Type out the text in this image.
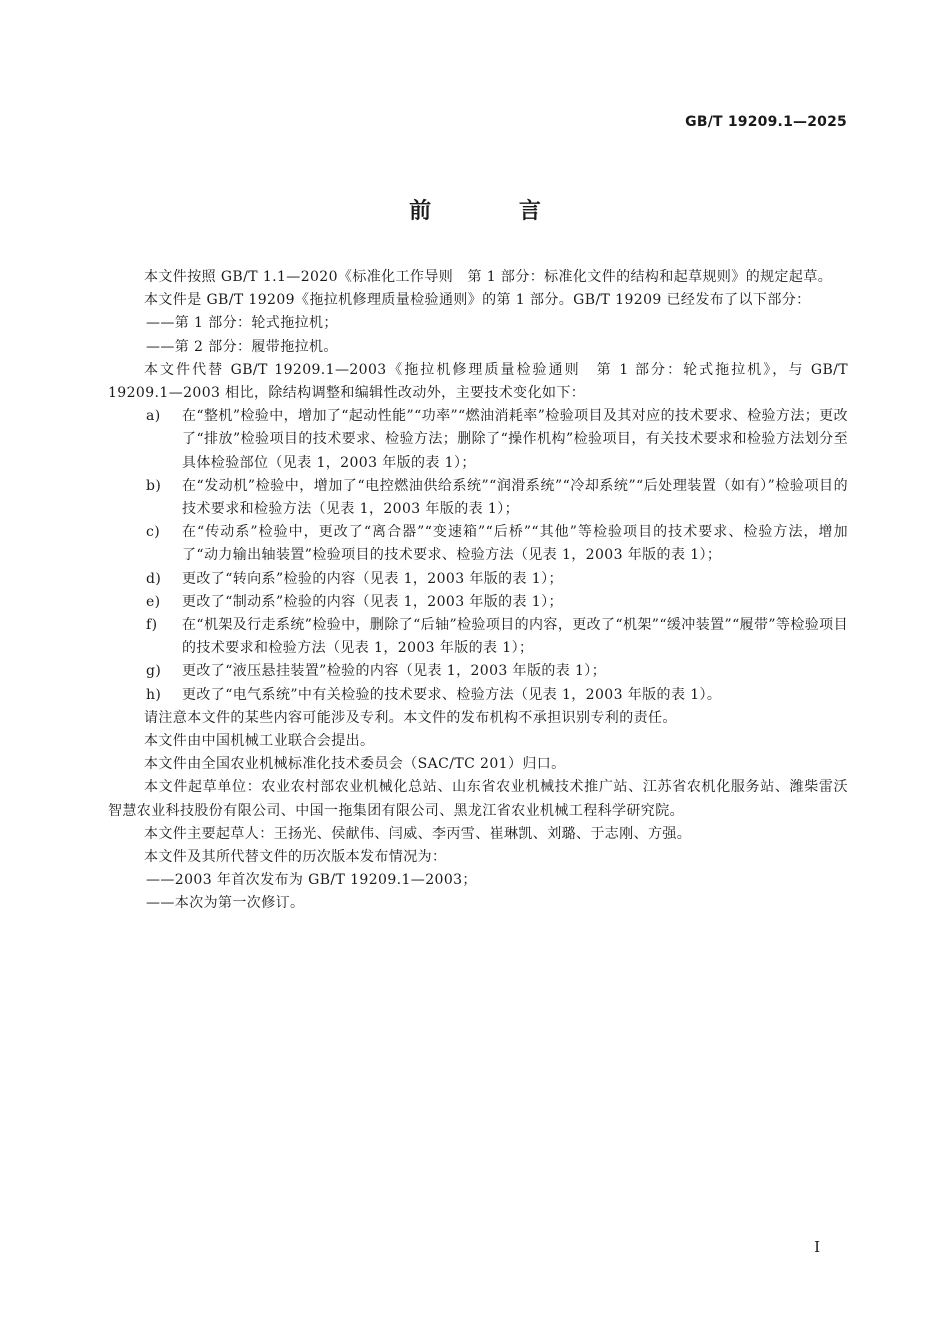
GB/T 19209.1—2025
前 言

本文件按照 GB/T 1.1—2020《标准化工作导则　第 1 部分：标准化文件的结构和起草规则》的规定起草。

本文件是 GB/T 19209《拖拉机修理质量检验通则》的第 1 部分。GB/T 19209 已经发布了以下部分：

——第 1 部分：轮式拖拉机；

——第 2 部分：履带拖拉机。

本文件代替 GB/T 19209.1—2003《拖拉机修理质量检验通则　第 1 部分：轮式拖拉机》，与 GB/T 19209.1—2003 相比，除结构调整和编辑性改动外，主要技术变化如下：

a)	在“整机”检验中，增加了“起动性能”“功率”“燃油消耗率”检验项目及其对应的技术要求、检验方法；更改了“排放”检验项目的技术要求、检验方法；删除了“操作机构”检验项目，有关技术要求和检验方法划分至具体检验部位（见表 1，2003 年版的表 1）；
b)	在“发动机”检验中，增加了“电控燃油供给系统”“润滑系统”“冷却系统”“后处理装置（如有）”检验项目的技术要求和检验方法（见表 1，2003 年版的表 1）；
c)	在“传动系”检验中，更改了“离合器”“变速箱”“后桥”“其他”等检验项目的技术要求、检验方法，增加了“动力输出轴装置”检验项目的技术要求、检验方法（见表 1，2003 年版的表 1）；
d)	更改了“转向系”检验的内容（见表 1，2003 年版的表 1）；
e)	更改了“制动系”检验的内容（见表 1，2003 年版的表 1）；
f)	在“机架及行走系统”检验中，删除了“后轴”检验项目的内容，更改了“机架”“缓冲装置”“履带”等检验项目的技术要求和检验方法（见表 1，2003 年版的表 1）；
g)	更改了“液压悬挂装置”检验的内容（见表 1，2003 年版的表 1）；
h)	更改了“电气系统”中有关检验的技术要求、检验方法（见表 1，2003 年版的表 1）。

请注意本文件的某些内容可能涉及专利。本文件的发布机构不承担识别专利的责任。

本文件由中国机械工业联合会提出。

本文件由全国农业机械标准化技术委员会（SAC/TC 201）归口。

本文件起草单位：农业农村部农业机械化总站、山东省农业机械技术推广站、江苏省农机化服务站、潍柴雷沃智慧农业科技股份有限公司、中国一拖集团有限公司、黑龙江省农业机械工程科学研究院。

本文件主要起草人：王扬光、侯献伟、闫威、李丙雪、崔琳凯、刘璐、于志刚、方强。

本文件及其所代替文件的历次版本发布情况为：

——2003 年首次发布为 GB/T 19209.1—2003；

——本次为第一次修订。

I
